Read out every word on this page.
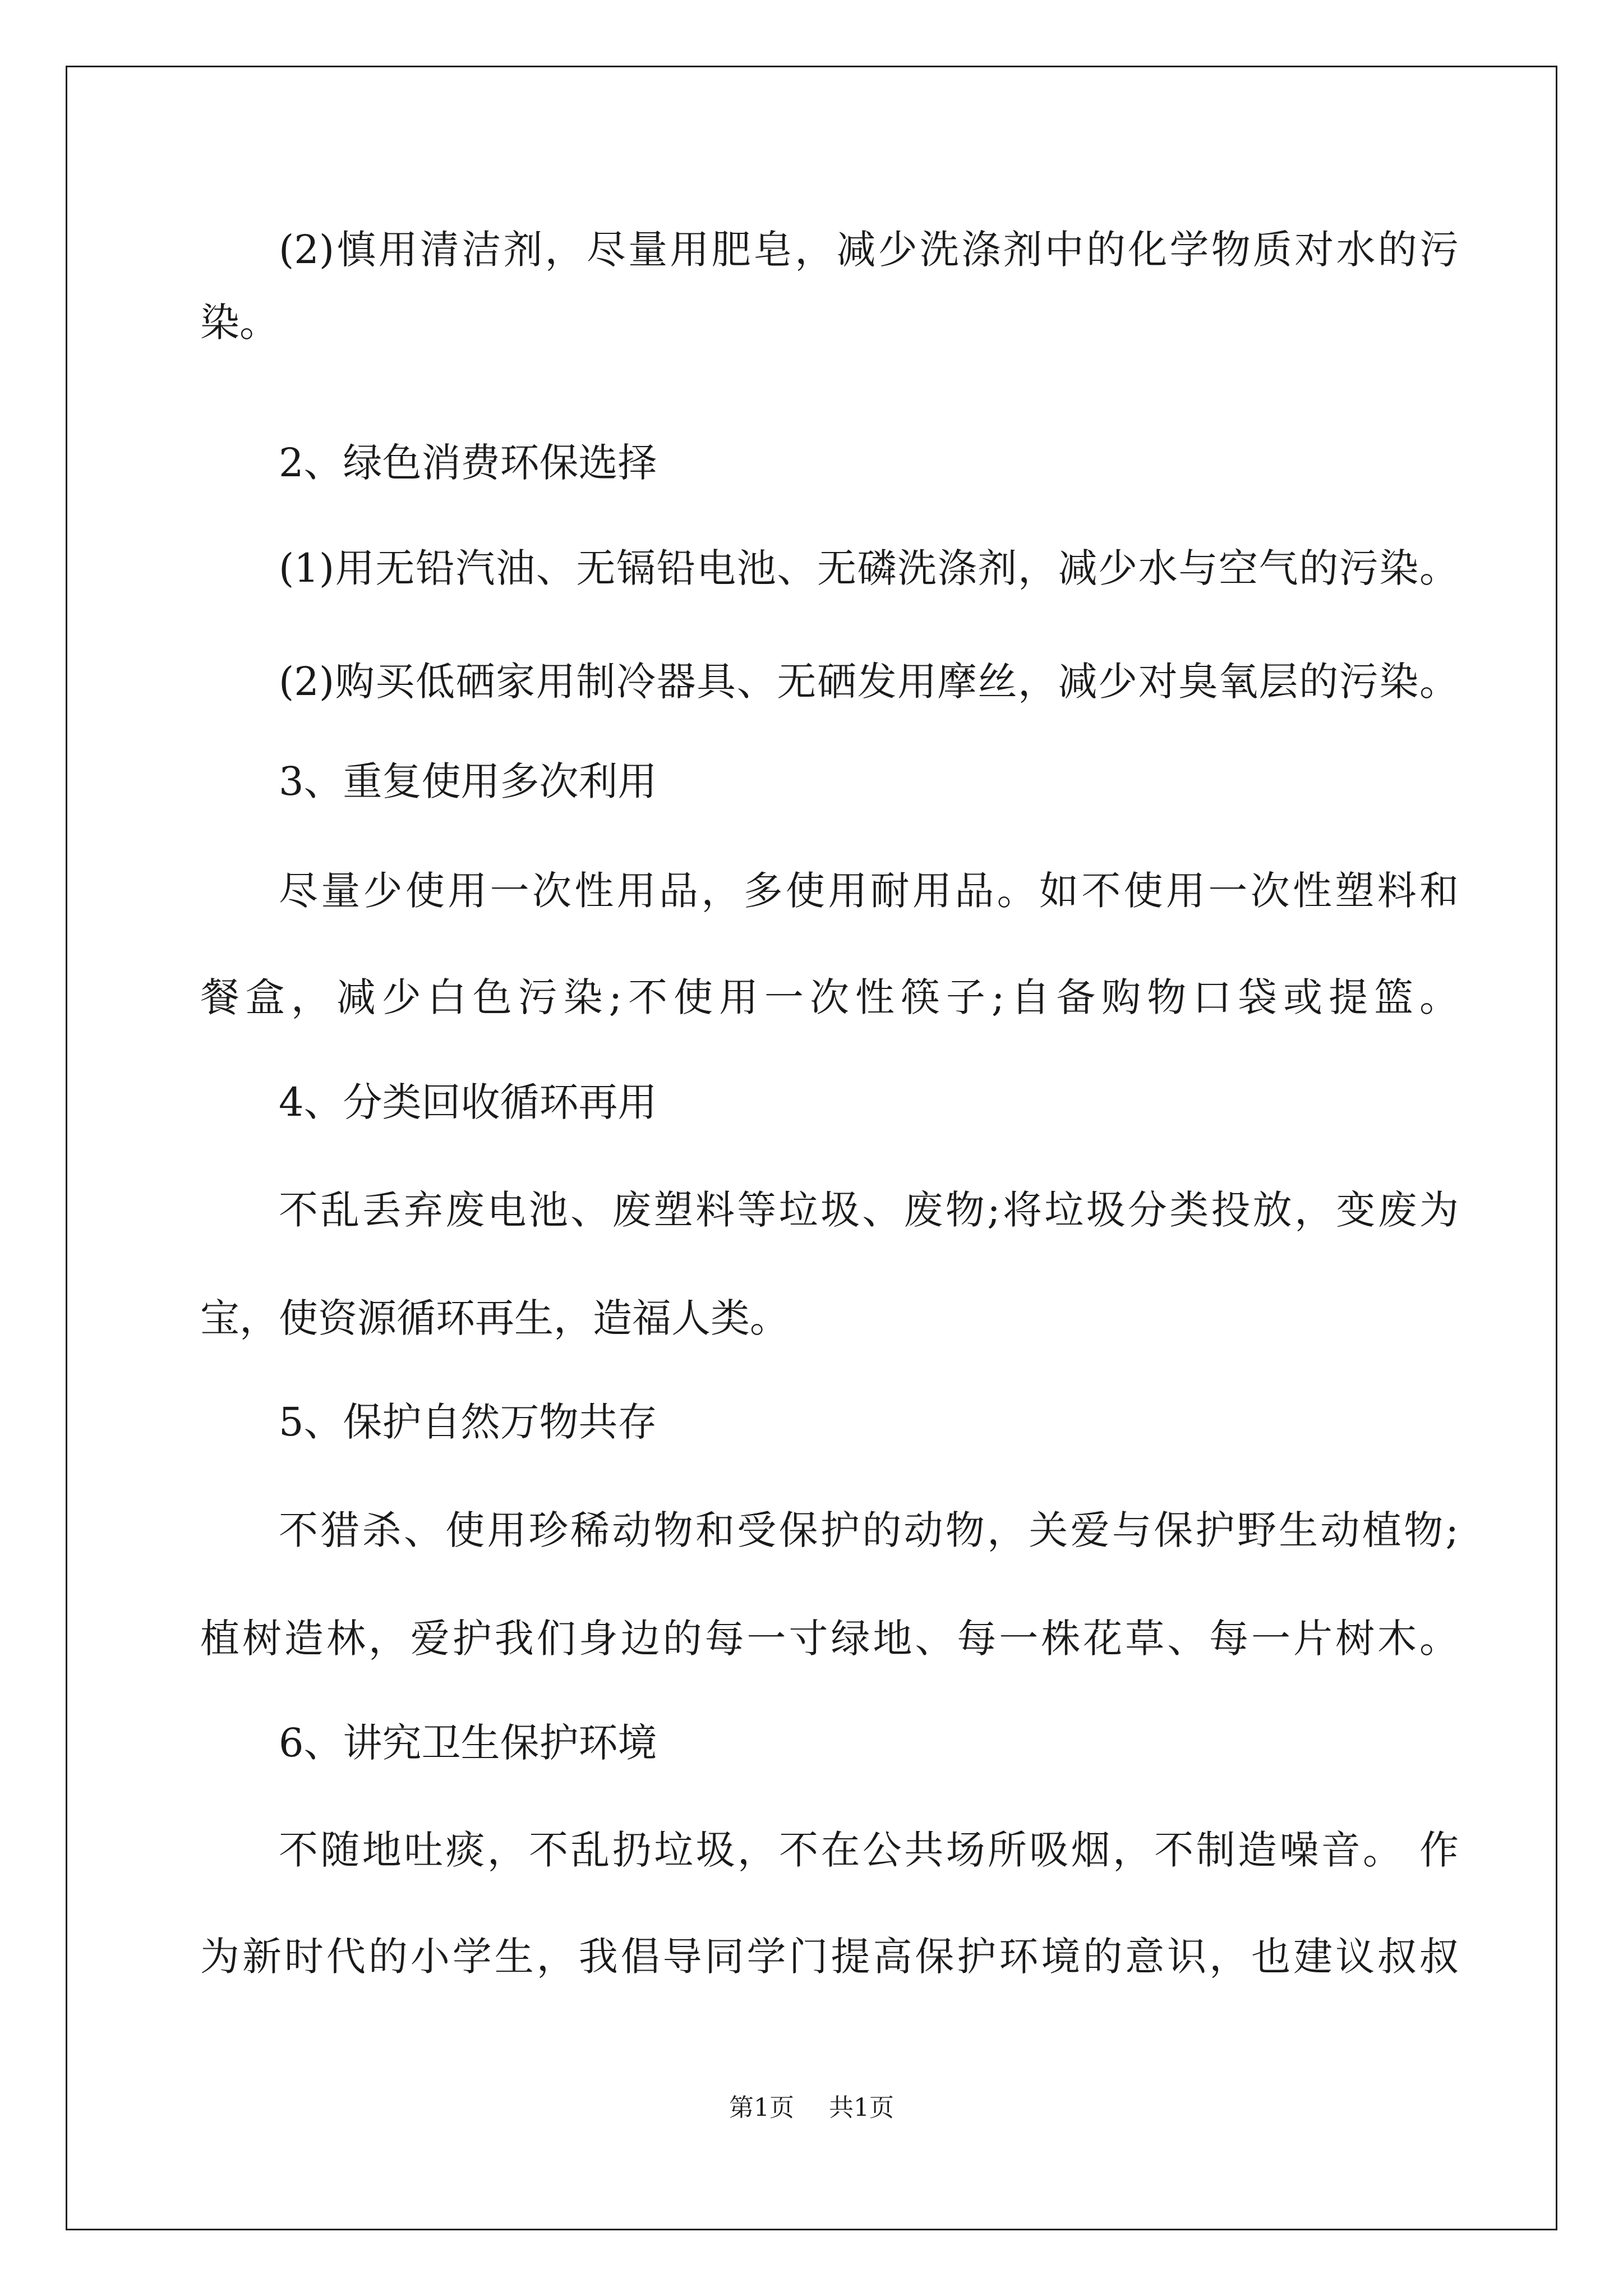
(2)慎用清洁剂，尽量用肥皂，减少洗涤剂中的化学物质对水的污
染。
2、绿色消费环保选择
(1)用无铅汽油、无镉铅电池、无磷洗涤剂，减少水与空气的污染。
(2)购买低硒家用制冷器具、无硒发用摩丝，减少对臭氧层的污染。
3、重复使用多次利用
尽量少使用一次性用品，多使用耐用品。如不使用一次性塑料和
餐盒，减少白色污染;不使用一次性筷子;自备购物口袋或提篮。
4、分类回收循环再用
不乱丢弃废电池、废塑料等垃圾、废物;将垃圾分类投放，变废为
宝，使资源循环再生，造福人类。
5、保护自然万物共存
不猎杀、使用珍稀动物和受保护的动物，关爱与保护野生动植物;
植树造林，爱护我们身边的每一寸绿地、每一株花草、每一片树木。
6、讲究卫生保护环境
不随地吐痰，不乱扔垃圾，不在公共场所吸烟，不制造噪音。 作
为新时代的小学生，我倡导同学门提高保护环境的意识，也建议叔叔
第1页 共1页
